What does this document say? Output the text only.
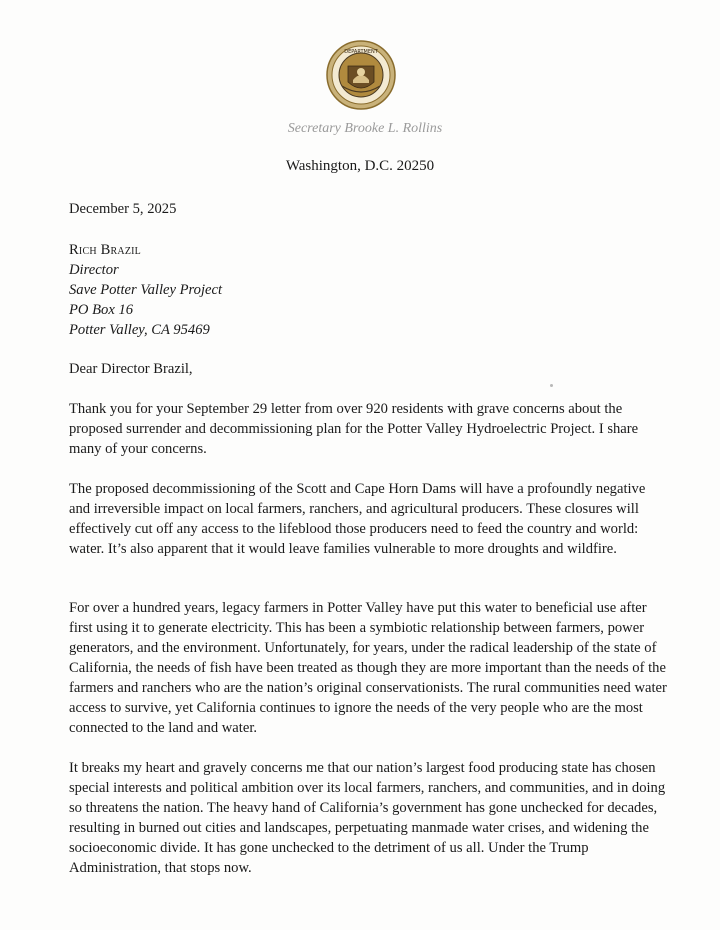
DEPARTMENT
Secretary Brooke L. Rollins
Washington, D.C. 20250
December 5, 2025
Rich Brazil
Director
Save Potter Valley Project
PO Box 16
Potter Valley, CA 95469
Dear Director Brazil,

Thank you for your September 29 letter from over 920 residents with grave concerns about the proposed surrender and decommissioning plan for the Potter Valley Hydroelectric Project. I share many of your concerns.

The proposed decommissioning of the Scott and Cape Horn Dams will have a profoundly negative and irreversible impact on local farmers, ranchers, and agricultural producers. These closures will effectively cut off any access to the lifeblood those producers need to feed the country and world: water. It’s also apparent that it would leave families vulnerable to more droughts and wildfire.

For over a hundred years, legacy farmers in Potter Valley have put this water to beneficial use after first using it to generate electricity. This has been a symbiotic relationship between farmers, power generators, and the environment. Unfortunately, for years, under the radical leadership of the state of California, the needs of fish have been treated as though they are more important than the needs of the farmers and ranchers who are the nation’s original conservationists. The rural communities need water access to survive, yet California continues to ignore the needs of the very people who are the most connected to the land and water.

It breaks my heart and gravely concerns me that our nation’s largest food producing state has chosen special interests and political ambition over its local farmers, ranchers, and communities, and in doing so threatens the nation. The heavy hand of California’s government has gone unchecked for decades, resulting in burned out cities and landscapes, perpetuating manmade water crises, and widening the socioeconomic divide. It has gone unchecked to the detriment of us all. Under the Trump Administration, that stops now.
